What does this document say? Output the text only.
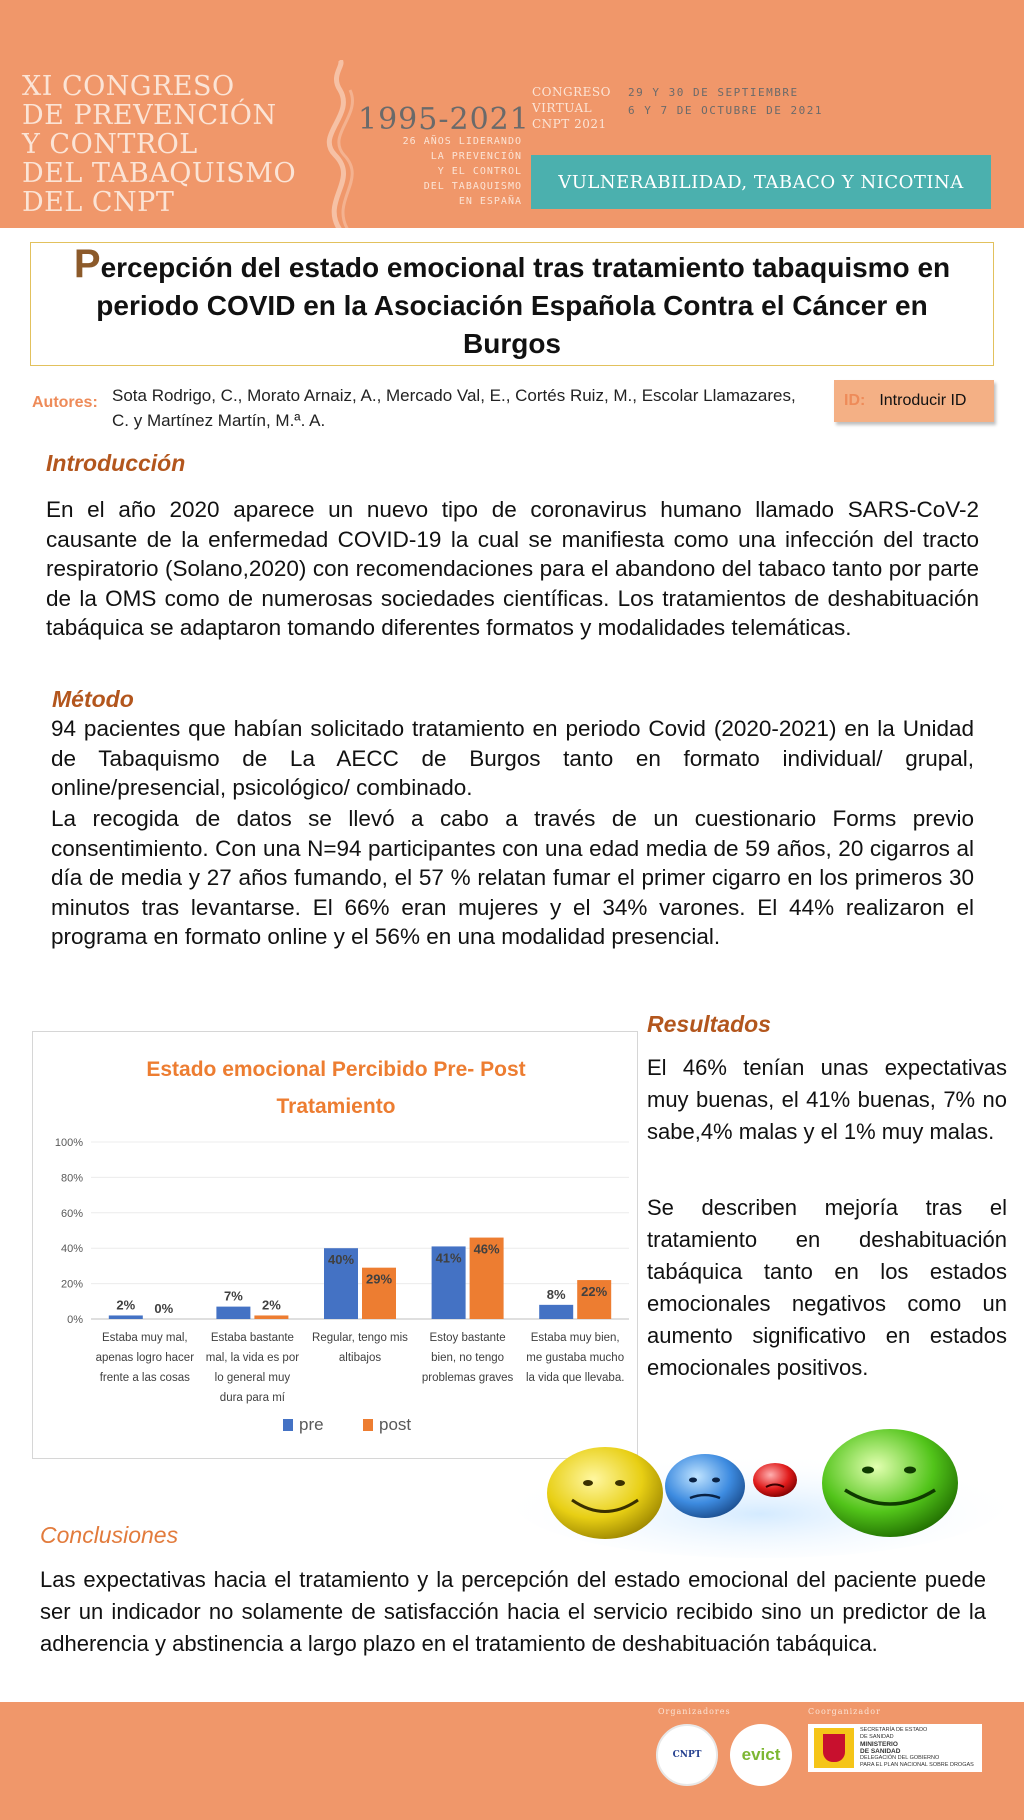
XI CONGRESO
DE PREVENCIÓN
Y CONTROL
DEL TABAQUISMO
DEL CNPT
1995-2021
26 AÑOS LIDERANDO
LA PREVENCIÓN
Y EL CONTROL
DEL TABAQUISMO
EN ESPAÑA
CONGRESO
VIRTUAL
CNPT 2021
29 Y 30 DE SEPTIEMBRE
6 Y 7 DE OCTUBRE DE 2021
VULNERABILIDAD, TABACO Y NICOTINA
Percepción del estado emocional tras tratamiento tabaquismo en periodo COVID en la Asociación Española Contra el Cáncer en Burgos
Autores: Sota Rodrigo, C., Morato Arnaiz, A., Mercado Val, E., Cortés Ruiz, M., Escolar Llamazares, C. y Martínez Martín, M.ª. A.
ID: Introducir ID
Introducción
En el año 2020 aparece un nuevo tipo de coronavirus humano llamado SARS-CoV-2 causante de la enfermedad COVID-19 la cual se manifiesta como una infección del tracto respiratorio (Solano,2020) con recomendaciones para el abandono del tabaco tanto por parte de la OMS como de numerosas sociedades científicas. Los tratamientos de deshabituación tabáquica se adaptaron tomando diferentes formatos y modalidades telemáticas.
Método
94 pacientes que habían solicitado tratamiento en periodo Covid (2020-2021) en la Unidad de Tabaquismo de La AECC de Burgos tanto en formato individual/ grupal, online/presencial, psicológico/ combinado.
La recogida de datos se llevó a cabo a través de un cuestionario Forms previo consentimiento. Con una N=94 participantes con una edad media de 59 años, 20 cigarros al día de media y 27 años fumando, el 57 % relatan fumar el primer cigarro en los primeros 30 minutos tras levantarse. El 66% eran mujeres y el 34% varones. El 44% realizaron el programa en formato online y el 56% en una modalidad presencial.
Resultados
El 46% tenían unas expectativas muy buenas, el 41% buenas, 7% no sabe,4% malas y el 1% muy malas.
Se describen mejoría tras el tratamiento en deshabituación tabáquica tanto en los estados emocionales negativos como un aumento significativo en estados emocionales positivos.
Estado emocional Percibido Pre- Post
Tratamiento
0%
20%
40%
60%
80%
100%
2%
7%
40%	41%
8%
0%	2%
29%
46%
22%
Estaba muy mal, apenas logro hacer frente a las cosas
Estaba bastante mal, la vida es por lo general muy dura para mí
Regular, tengo mis altibajos
Estoy bastante bien, no tengo problemas graves
Estaba muy bien, me gustaba mucho la vida que llevaba.
pre	post
Conclusiones
Las expectativas hacia el tratamiento y la percepción del estado emocional del paciente puede ser un indicador no solamente de satisfacción hacia el servicio recibido sino un predictor de la adherencia y abstinencia a largo plazo en el tratamiento de deshabituación tabáquica.
Organizadores	Coorganizador
CNPT evict
SECRETARÍA DE ESTADO
DE SANIDAD
MINISTERIO
DE SANIDAD
DELEGACIÓN DEL GOBIERNO
PARA EL PLAN NACIONAL SOBRE DROGAS
